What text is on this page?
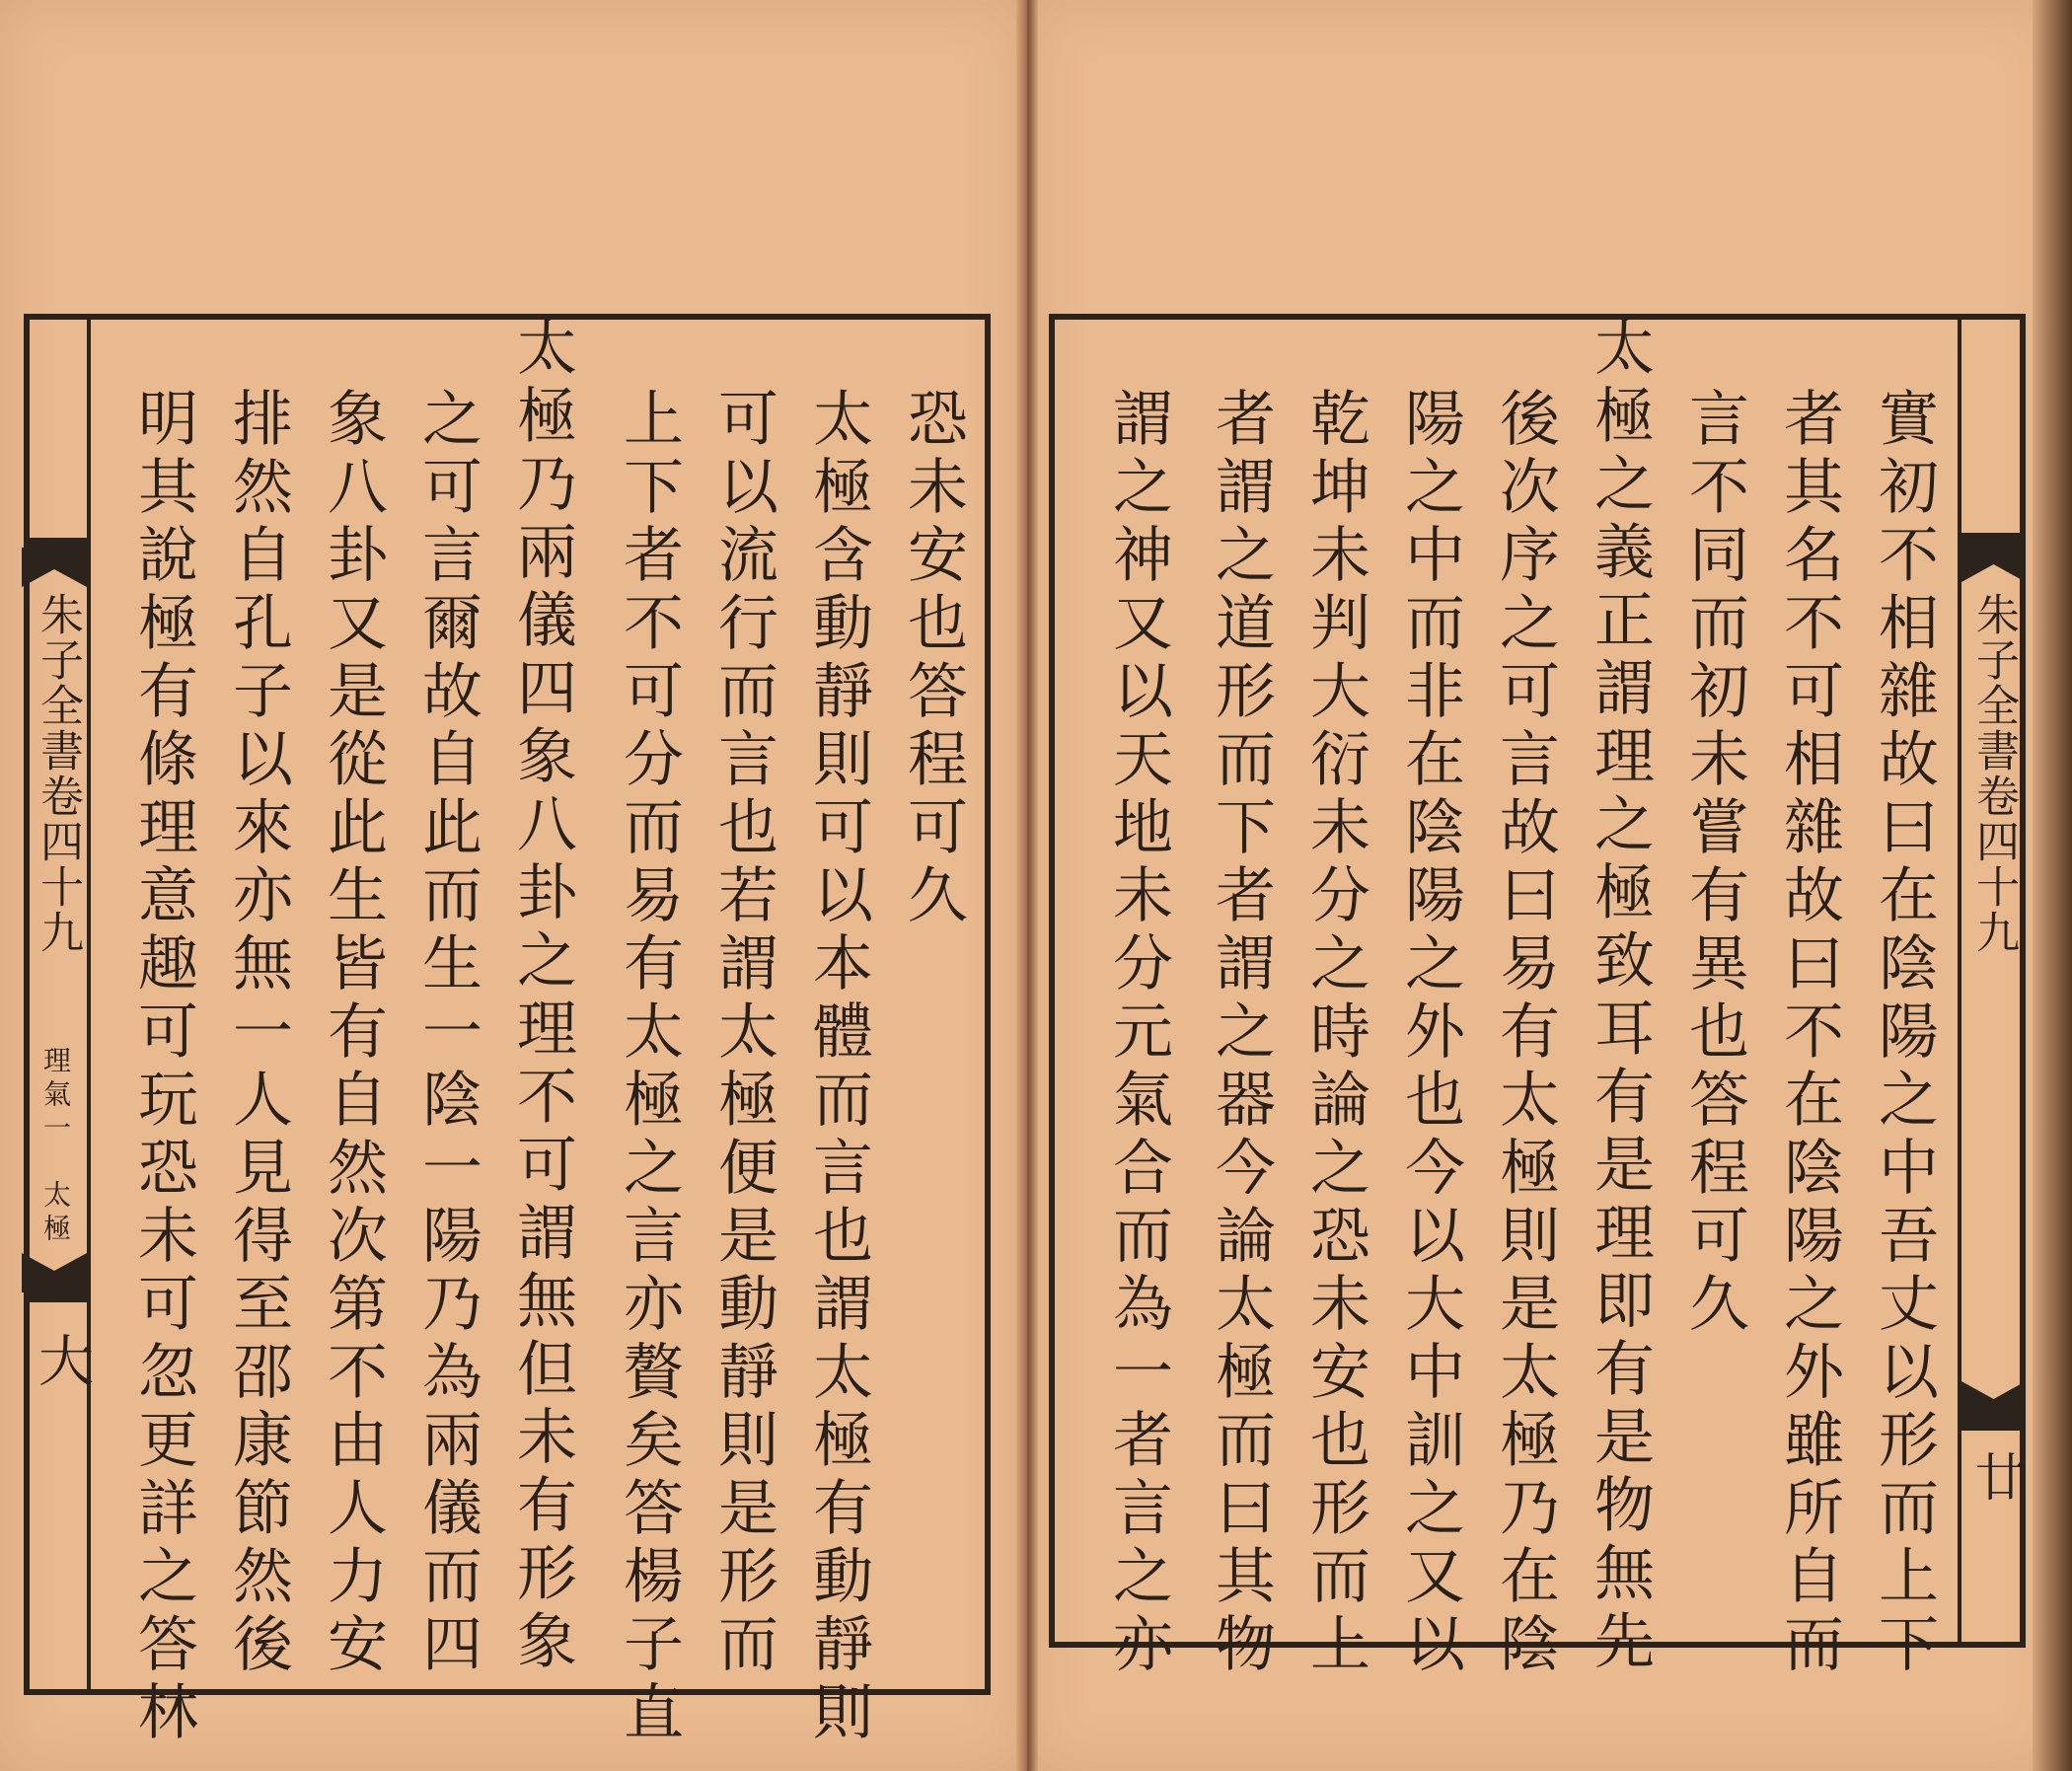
朱子全書卷四十九
理氣一　太極
大
恐未安也答程可久
太極含動靜則可以本體而言也謂太極有動靜則
可以流行而言也若謂太極便是動靜則是形而
上下者不可分而易有太極之言亦贅矣答楊子直
太極乃兩儀四象八卦之理不可謂無但未有形象
之可言爾故自此而生一陰一陽乃為兩儀而四
象八卦又是從此生皆有自然次第不由人力安
排然自孔子以來亦無一人見得至邵康節然後
明其說極有條理意趣可玩恐未可忽更詳之答林	朱子全書卷四十九
廿
實初不相雜故曰在陰陽之中吾丈以形而上下
者其名不可相雜故曰不在陰陽之外雖所自而
言不同而初未嘗有異也答程可久
太極之義正謂理之極致耳有是理即有是物無先
後次序之可言故曰易有太極則是太極乃在陰
陽之中而非在陰陽之外也今以大中訓之又以
乾坤未判大衍未分之時論之恐未安也形而上
者謂之道形而下者謂之器今論太極而曰其物
謂之神又以天地未分元氣合而為一者言之亦
